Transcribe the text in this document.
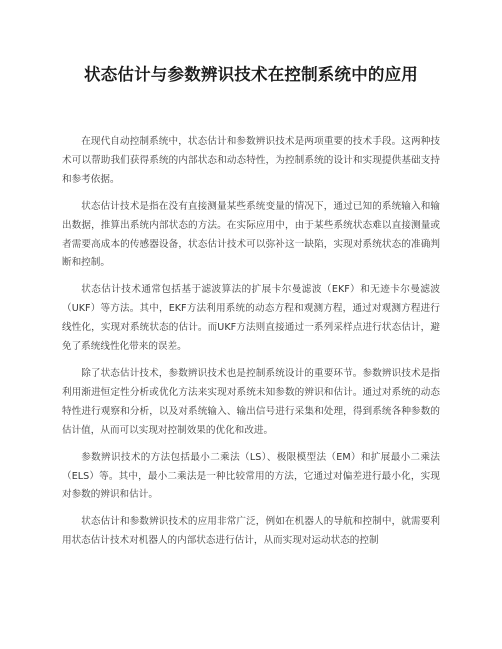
状态估计与参数辨识技术在控制系统中的应用

在现代自动控制系统中，状态估计和参数辨识技术是两项重要的技术手段。这两种技术可以帮助我们获得系统的内部状态和动态特性，为控制系统的设计和实现提供基础支持和参考依据。

状态估计技术是指在没有直接测量某些系统变量的情况下，通过已知的系统输入和输出数据，推算出系统内部状态的方法。在实际应用中，由于某些系统状态难以直接测量或者需要高成本的传感器设备，状态估计技术可以弥补这一缺陷，实现对系统状态的准确判断和控制。

状态估计技术通常包括基于滤波算法的扩展卡尔曼滤波（EKF）和无迹卡尔曼滤波（UKF）等方法。其中，EKF方法利用系统的动态方程和观测方程，通过对观测方程进行线性化，实现对系统状态的估计。而UKF方法则直接通过一系列采样点进行状态估计，避免了系统线性化带来的误差。

除了状态估计技术，参数辨识技术也是控制系统设计的重要环节。参数辨识技术是指利用渐进恒定性分析或优化方法来实现对系统未知参数的辨识和估计。通过对系统的动态特性进行观察和分析，以及对系统输入、输出信号进行采集和处理，得到系统各种参数的估计值，从而可以实现对控制效果的优化和改进。

参数辨识技术的方法包括最小二乘法（LS）、极限模型法（EM）和扩展最小二乘法（ELS）等。其中，最小二乘法是一种比较常用的方法，它通过对偏差进行最小化，实现对参数的辨识和估计。

状态估计和参数辨识技术的应用非常广泛，例如在机器人的导航和控制中，就需要利用状态估计技术对机器人的内部状态进行估计，从而实现对运动状态的控制
